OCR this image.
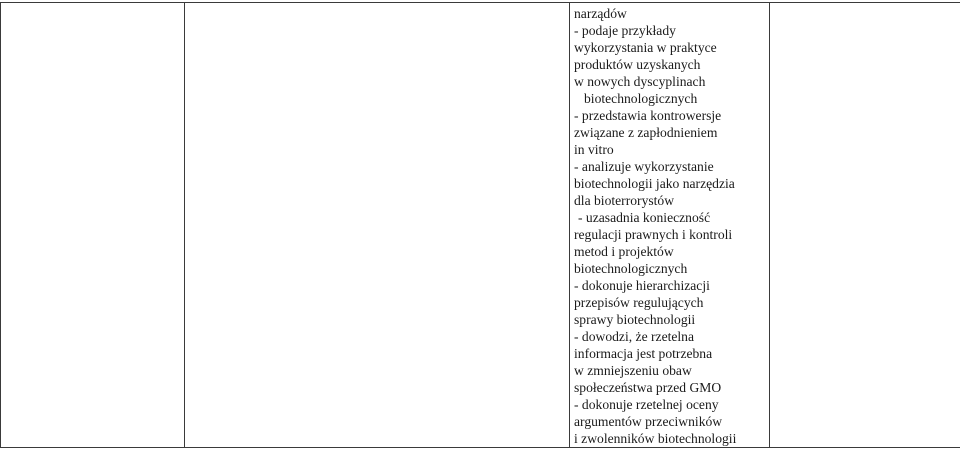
narządów
- podaje przykłady
wykorzystania w praktyce
produktów uzyskanych
w nowych dyscyplinach
biotechnologicznych
- przedstawia kontrowersje
związane z zapłodnieniem
in vitro
- analizuje wykorzystanie
biotechnologii jako narzędzia
dla bioterrorystów
- uzasadnia konieczność
regulacji prawnych i kontroli
metod i projektów
biotechnologicznych
- dokonuje hierarchizacji
przepisów regulujących
sprawy biotechnologii
- dowodzi, że rzetelna
informacja jest potrzebna
w zmniejszeniu obaw
społeczeństwa przed GMO
- dokonuje rzetelnej oceny
argumentów przeciwników
i zwolenników biotechnologii
